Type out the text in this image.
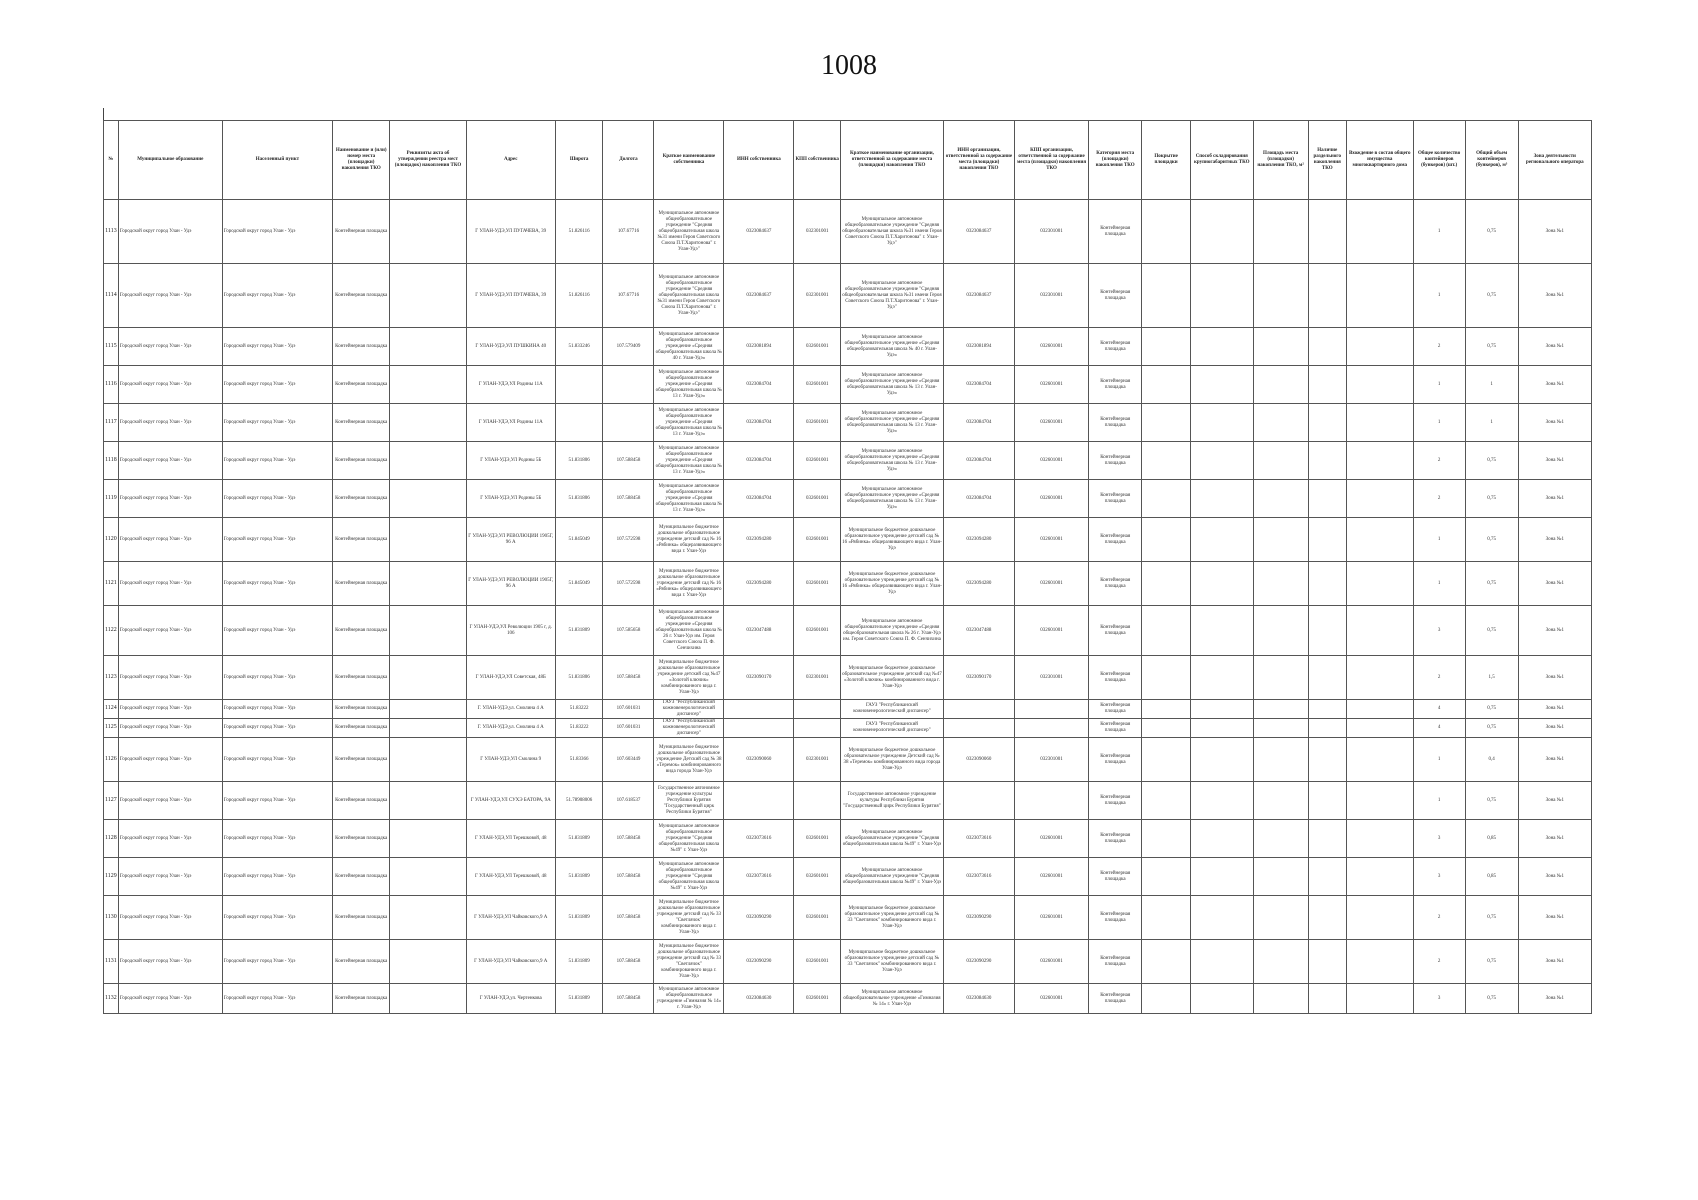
1008
№	Муниципальное образование	Населенный пункт	Наименование и (или) номер места (площадки) накопления ТКО	Реквизиты акта об утверждении реестра мест (площадок) накопления ТКО	Адрес	Широта	Долгота	Краткое наименование собственника	ИНН собственника	КПП собственника	Краткое наименование организации, ответственной за содержание места (площадки) накопления ТКО	ИНН организации, ответственной за содержание места (площадки) накопления ТКО	КПП организации, ответственной за содержание места (площадки) накопления ТКО	Категория места (площадки) накопления ТКО	Покрытие площадки	Способ складирования крупногабаритных ТКО	Площадь места (площадки) накопления ТКО, м²	Наличие раздельного накопления ТКО	Вхождение в состав общего имущества многоквартирного дома	Общее количество контейнеров (бункеров) (шт.)	Общий объем контейнеров (бункеров), м³	Зона деятельности регионального оператора
1113	Городской округ город Улан - Удэ	Городской округ город Улан - Удэ	Контейнерная площадка		Г УЛАН-УДЭ,УЛ ПУГАЧЕВА, 39	51.826116	107.67716	Муниципальное автономное общеобразовательное учреждение "Средняя общеобразовательная школа №31 имени Героя Советского Союза П.Т.Харитонова" г. Улан-Удэ"	0323084637	032301001	Муниципальное автономное общеобразовательное учреждение "Средняя общеобразовательная школа №31 имени Героя Советского Союза П.Т.Харитонова" г. Улан-Удэ"	0323084637	032301001	Контейнерная площадка						1	0,75	Зона №1
1114	Городской округ город Улан - Удэ	Городской округ город Улан - Удэ	Контейнерная площадка		Г УЛАН-УДЭ,УЛ ПУГАЧЕВА, 39	51.826116	107.67716	Муниципальное автономное общеобразовательное учреждение "Средняя общеобразовательная школа №31 имени Героя Советского Союза П.Т.Харитонова" г. Улан-Удэ"	0323084637	032301001	Муниципальное автономное общеобразовательное учреждение "Средняя общеобразовательная школа №31 имени Героя Советского Союза П.Т.Харитонова" г. Улан-Удэ"	0323084637	032301001	Контейнерная площадка						1	0,75	Зона №1
1115	Городской округ город Улан - Удэ	Городской округ город Улан - Удэ	Контейнерная площадка		Г УЛАН-УДЭ,УЛ ПУШКИНА 40	51.833246	107.579409	Муниципальное автономное общеобразовательное учреждение «Средняя общеобразовательная школа № 40 г. Улан-Удэ»	0323081894	032601001	Муниципальное автономное общеобразовательное учреждение «Средняя общеобразовательная школа № 40 г. Улан-Удэ»	0323081894	032601001	Контейнерная площадка						2	0,75	Зона №1
1116	Городской округ город Улан - Удэ	Городской округ город Улан - Удэ	Контейнерная площадка		Г УЛАН-УДЭ,УЛ Родины 11А			Муниципальное автономное общеобразовательное учреждение «Средняя общеобразовательная школа № 13 г. Улан-Удэ»	0323084704	032601001	Муниципальное автономное общеобразовательное учреждение «Средняя общеобразовательная школа № 13 г. Улан-Удэ»	0323084704	032601001	Контейнерная площадка						1	1	Зона №1
1117	Городской округ город Улан - Удэ	Городской округ город Улан - Удэ	Контейнерная площадка		Г УЛАН-УДЭ,УЛ Родины 11А			Муниципальное автономное общеобразовательное учреждение «Средняя общеобразовательная школа № 13 г. Улан-Удэ»	0323084704	032601001	Муниципальное автономное общеобразовательное учреждение «Средняя общеобразовательная школа № 13 г. Улан-Удэ»	0323084704	032601001	Контейнерная площадка						1	1	Зона №1
1118	Городской округ город Улан - Удэ	Городской округ город Улан - Удэ	Контейнерная площадка		Г УЛАН-УДЭ,УЛ Родины 5Б	51.831806	107.588458	Муниципальное автономное общеобразовательное учреждение «Средняя общеобразовательная школа № 13 г. Улан-Удэ»	0323084704	032601001	Муниципальное автономное общеобразовательное учреждение «Средняя общеобразовательная школа № 13 г. Улан-Удэ»	0323084704	032601001	Контейнерная площадка						2	0,75	Зона №1
1119	Городской округ город Улан - Удэ	Городской округ город Улан - Удэ	Контейнерная площадка		Г УЛАН-УДЭ,УЛ Родины 5Б	51.831806	107.588458	Муниципальное автономное общеобразовательное учреждение «Средняя общеобразовательная школа № 13 г. Улан-Удэ»	0323084704	032601001	Муниципальное автономное общеобразовательное учреждение «Средняя общеобразовательная школа № 13 г. Улан-Удэ»	0323084704	032601001	Контейнерная площадка						2	0,75	Зона №1
1120	Городской округ город Улан - Удэ	Городской округ город Улан - Удэ	Контейнерная площадка		Г УЛАН-УДЭ,УЛ РЕВОЛЮЦИИ 1905Г, 96 А	51.845049	107.572598	Муниципальное бюджетное дошкольное образовательное учреждение детский сад № 16 «Рябинка» общеразвивающего вида г. Улан-Удэ	0323094280	032601001	Муниципальное бюджетное дошкольное образовательное учреждение детский сад № 16 «Рябинка» общеразвивающего вида г. Улан-Удэ	0323094280	032601001	Контейнерная площадка						1	0,75	Зона №1
1121	Городской округ город Улан - Удэ	Городской округ город Улан - Удэ	Контейнерная площадка		Г УЛАН-УДЭ,УЛ РЕВОЛЮЦИИ 1905Г, 96 А	51.845049	107.572598	Муниципальное бюджетное дошкольное образовательное учреждение детский сад № 16 «Рябинка» общеразвивающего вида г. Улан-Удэ	0323094280	032601001	Муниципальное бюджетное дошкольное образовательное учреждение детский сад № 16 «Рябинка» общеразвивающего вида г. Улан-Удэ	0323094280	032601001	Контейнерная площадка						1	0,75	Зона №1
1122	Городской округ город Улан - Удэ	Городской округ город Улан - Удэ	Контейнерная площадка		Г УЛАН-УДЭ,УЛ Революции 1905 г, д. 106	51.831809	107.585658	Муниципальное автономное общеобразовательное учреждение «Средняя общеобразовательная школа № 26 г. Улан-Удэ им. Героя Советского Союза П. Ф. Сенчихина	0323047488	032601001	Муниципальное автономное общеобразовательное учреждение «Средняя общеобразовательная школа № 26 г. Улан-Удэ им. Героя Советского Союза П. Ф. Сенчихина	0323047488	032601001	Контейнерная площадка						3	0,75	Зона №1
1123	Городской округ город Улан - Удэ	Городской округ город Улан - Удэ	Контейнерная площадка		Г УЛАН-УДЭ,УЛ Советская, 48Б	51.831806	107.588458	Муниципальное бюджетное дошкольное образовательное учреждение детский сад №47 «Золотой ключик» комбинированного вида г. Улан-Удэ	0323090170	032301001	Муниципальное бюджетное дошкольное образовательное учреждение детский сад №47 «Золотой ключик» комбинированного вида г. Улан-Удэ	0323090170	032301001	Контейнерная площадка						2	1,5	Зона №1
1124	Городской округ город Улан - Удэ	Городской округ город Улан - Удэ	Контейнерная площадка		Г. УЛАН-УДЭ,ул. Смолина 4 А	51.83222	107.601031	ГАУЗ "Республиканский кожновенерологический диспансер"			ГАУЗ "Республиканский кожновенерологический диспансер"			Контейнерная площадка						4	0,75	Зона №1
1125	Городской округ город Улан - Удэ	Городской округ город Улан - Удэ	Контейнерная площадка		Г. УЛАН-УДЭ,ул. Смолина 4 А	51.83222	107.601031	ГАУЗ "Республиканский кожновенерологический диспансер"			ГАУЗ "Республиканский кожновенерологический диспансер"			Контейнерная площадка						4	0,75	Зона №1
1126	Городской округ город Улан - Удэ	Городской округ город Улан - Удэ	Контейнерная площадка		Г УЛАН-УДЭ,УЛ Смолина 9	51.83366	107.603449	Муниципальное бюджетное дошкольное образовательное учреждение Детский сад № 38 «Теремок» комбинированного вида города Улан-Удэ	0323090060	032301001	Муниципальное бюджетное дошкольное образовательное учреждение Детский сад № 38 «Теремок» комбинированного вида города Улан-Удэ	0323090060	032301001	Контейнерная площадка						1	0,4	Зона №1
1127	Городской округ город Улан - Удэ	Городской округ город Улан - Удэ	Контейнерная площадка		Г УЛАН-УДЭ,УЛ СУХЭ БАТОРА, 9А	51.78908006	107.618537	Государственное автономное учреждение культуры Республики Бурятия "Государственный цирк Республики Бурятия"			Государственное автономное учреждение культуры Республики Бурятия "Государственный цирк Республики Бурятия"			Контейнерная площадка						1	0,75	Зона №1
1128	Городской округ город Улан - Удэ	Городской округ город Улан - Удэ	Контейнерная площадка		Г УЛАН-УДЭ,УЛ Терешковой, 48	51.831809	107.588458	Муниципальное автономное общеобразовательное учреждение "Средняя общеобразовательная школа №49" г. Улан-Удэ	0323073616	032601001	Муниципальное автономное общеобразовательное учреждение "Средняя общеобразовательная школа №49" г. Улан-Удэ	0323073616	032601001	Контейнерная площадка						3	0,85	Зона №1
1129	Городской округ город Улан - Удэ	Городской округ город Улан - Удэ	Контейнерная площадка		Г УЛАН-УДЭ,УЛ Терешковой, 48	51.831809	107.588458	Муниципальное автономное общеобразовательное учреждение "Средняя общеобразовательная школа №49" г. Улан-Удэ	0323073616	032601001	Муниципальное автономное общеобразовательное учреждение "Средняя общеобразовательная школа №49" г. Улан-Удэ	0323073616	032601001	Контейнерная площадка						3	0,85	Зона №1
1130	Городской округ город Улан - Удэ	Городской округ город Улан - Удэ	Контейнерная площадка		Г УЛАН-УДЭ,УЛ Чайковского,9 А	51.831809	107.588458	Муниципальное бюджетное дошкольное образовательное учреждение детский сад № 33 "Светлячок" комбинированного вида г. Улан-Удэ	0323090290	032601001	Муниципальное бюджетное дошкольное образовательное учреждение детский сад № 33 "Светлячок" комбинированного вида г. Улан-Удэ	0323090290	032601001	Контейнерная площадка						2	0,75	Зона №1
1131	Городской округ город Улан - Удэ	Городской округ город Улан - Удэ	Контейнерная площадка		Г УЛАН-УДЭ,УЛ Чайковского,9 А	51.831809	107.588458	Муниципальное бюджетное дошкольное образовательное учреждение детский сад № 33 "Светлячок" комбинированного вида г. Улан-Удэ	0323090290	032601001	Муниципальное бюджетное дошкольное образовательное учреждение детский сад № 33 "Светлячок" комбинированного вида г. Улан-Удэ	0323090290	032601001	Контейнерная площадка						2	0,75	Зона №1
1132	Городской округ город Улан - Удэ	Городской округ город Улан - Удэ	Контейнерная площадка		Г УЛАН-УДЭ,ул. Чертенкова	51.831809	107.588458	Муниципальное автономное общеобразовательное учреждение «Гимназия № 14» г. Улан-Удэ	0323084630	032601001	Муниципальное автономное общеобразовательное учреждение «Гимназия № 14» г. Улан-Удэ	0323084630	032601001	Контейнерная площадка						3	0,75	Зона №1
